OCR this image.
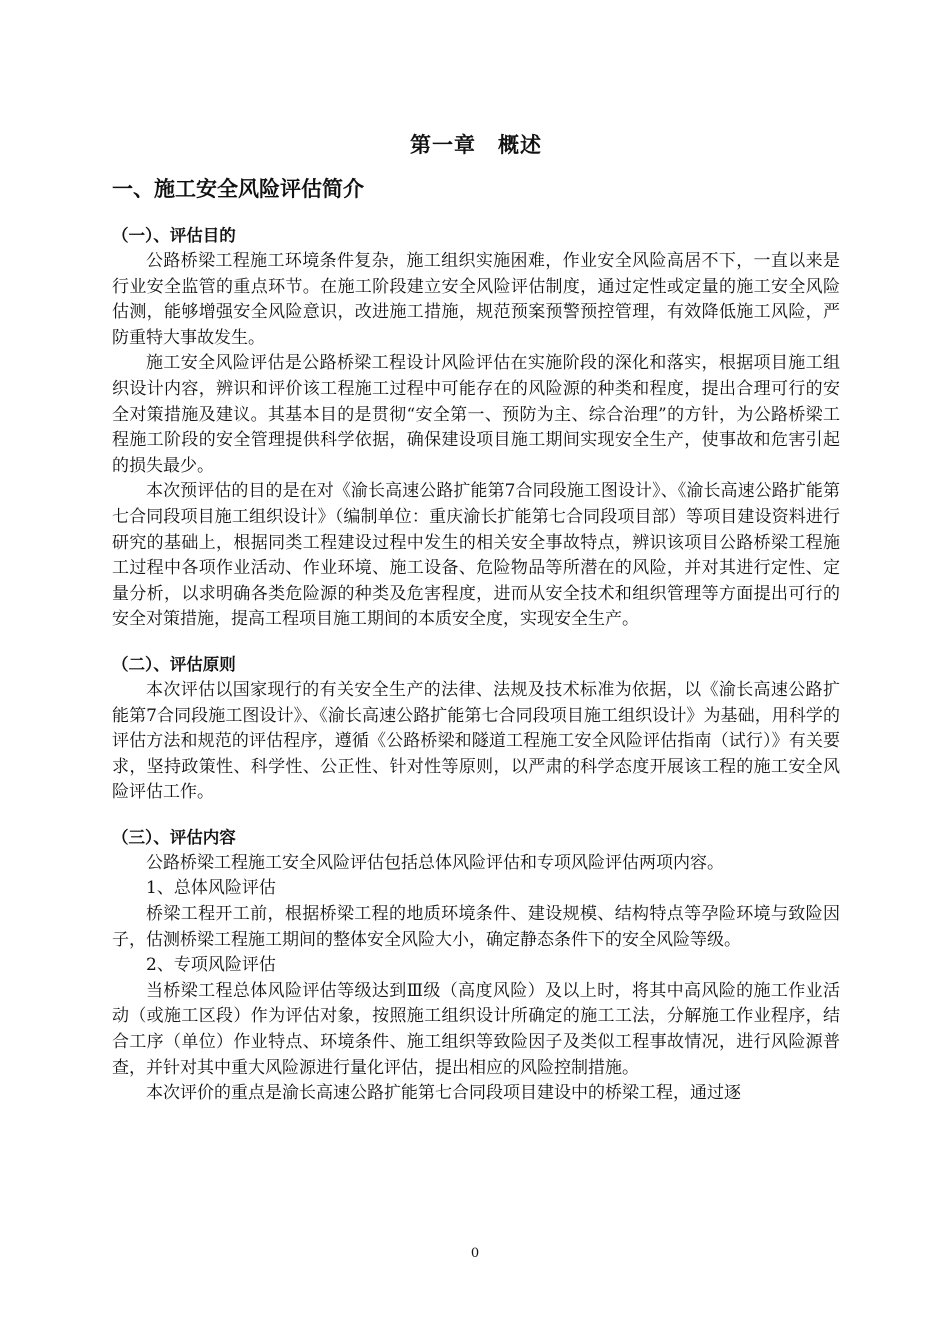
第一章　概述
一、施工安全风险评估简介
（一）、评估目的

公路桥梁工程施工环境条件复杂，施工组织实施困难，作业安全风险高居不下，一直以来是行业安全监管的重点环节。在施工阶段建立安全风险评估制度，通过定性或定量的施工安全风险估测，能够增强安全风险意识，改进施工措施，规范预案预警预控管理，有效降低施工风险，严防重特大事故发生。

施工安全风险评估是公路桥梁工程设计风险评估在实施阶段的深化和落实，根据项目施工组织设计内容，辨识和评价该工程施工过程中可能存在的风险源的种类和程度，提出合理可行的安全对策措施及建议。其基本目的是贯彻“安全第一、预防为主、综合治理”的方针，为公路桥梁工程施工阶段的安全管理提供科学依据，确保建设项目施工期间实现安全生产，使事故和危害引起的损失最少。

本次预评估的目的是在对《渝长高速公路扩能第7合同段施工图设计》、《渝长高速公路扩能第七合同段项目施工组织设计》（编制单位：重庆渝长扩能第七合同段项目部）等项目建设资料进行研究的基础上，根据同类工程建设过程中发生的相关安全事故特点，辨识该项目公路桥梁工程施工过程中各项作业活动、作业环境、施工设备、危险物品等所潜在的风险，并对其进行定性、定量分析，以求明确各类危险源的种类及危害程度，进而从安全技术和组织管理等方面提出可行的安全对策措施，提高工程项目施工期间的本质安全度，实现安全生产。

（二）、评估原则

本次评估以国家现行的有关安全生产的法律、法规及技术标准为依据，以《渝长高速公路扩能第7合同段施工图设计》、《渝长高速公路扩能第七合同段项目施工组织设计》为基础，用科学的评估方法和规范的评估程序，遵循《公路桥梁和隧道工程施工安全风险评估指南（试行）》有关要求，坚持政策性、科学性、公正性、针对性等原则，以严肃的科学态度开展该工程的施工安全风险评估工作。

（三）、评估内容

公路桥梁工程施工安全风险评估包括总体风险评估和专项风险评估两项内容。

1、总体风险评估

桥梁工程开工前，根据桥梁工程的地质环境条件、建设规模、结构特点等孕险环境与致险因子，估测桥梁工程施工期间的整体安全风险大小，确定静态条件下的安全风险等级。

2、专项风险评估

当桥梁工程总体风险评估等级达到Ⅲ级（高度风险）及以上时，将其中高风险的施工作业活动（或施工区段）作为评估对象，按照施工组织设计所确定的施工工法，分解施工作业程序，结合工序（单位）作业特点、环境条件、施工组织等致险因子及类似工程事故情况，进行风险源普查，并针对其中重大风险源进行量化评估，提出相应的风险控制措施。

本次评价的重点是渝长高速公路扩能第七合同段项目建设中的桥梁工程，通过逐

0
